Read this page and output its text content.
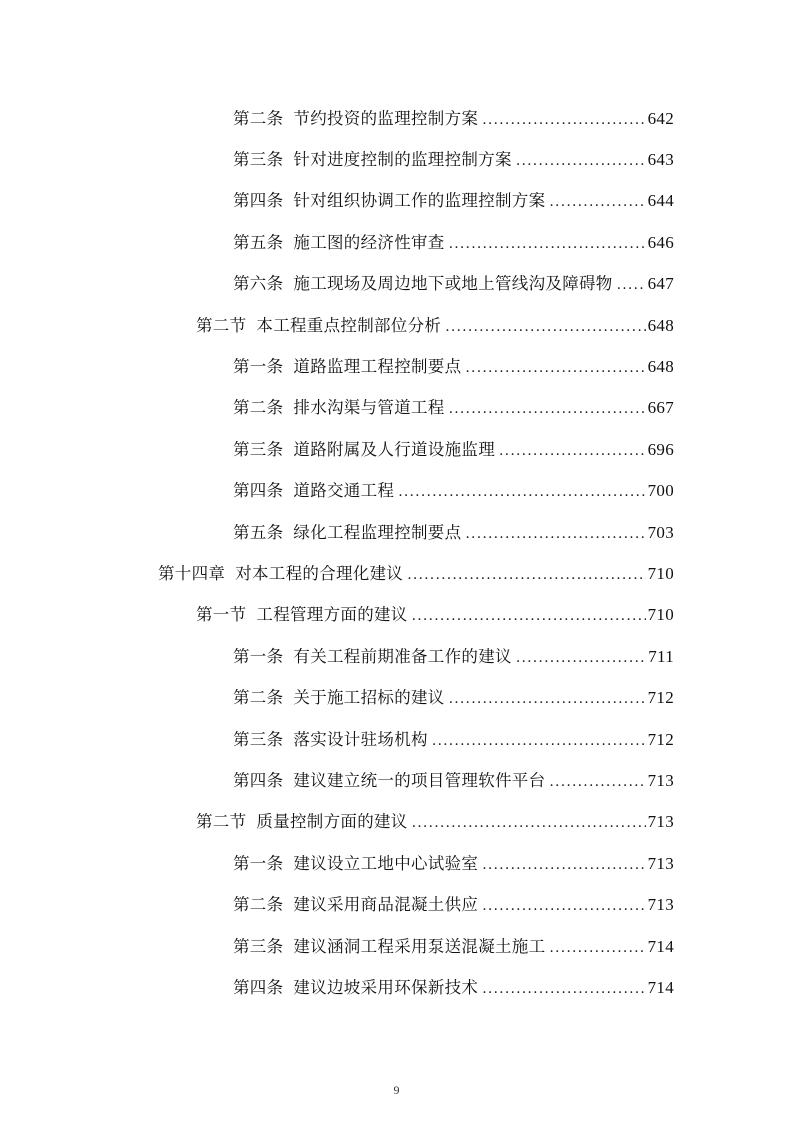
第二条 节约投资的监理控制方案 .....	642
第三条 针对进度控制的监理控制方案 .....	643
第四条 针对组织协调工作的监理控制方案 .....	644
第五条 施工图的经济性审查 .....	646
第六条 施工现场及周边地下或地上管线沟及障碍物 ..... 647
第二节 本工程重点控制部位分析 .....	648
第一条 道路监理工程控制要点 .....	648
第二条 排水沟渠与管道工程 .....	667
第三条 道路附属及人行道设施监理 .....	696
第四条 道路交通工程 .....	700
第五条 绿化工程监理控制要点 .....	703
第十四章 对本工程的合理化建议 .....	710
第一节 工程管理方面的建议 .....	710
第一条 有关工程前期准备工作的建议 .....	711
第二条 关于施工招标的建议 .....	712
第三条 落实设计驻场机构 .....	712
第四条 建议建立统一的项目管理软件平台 .....	713
第二节 质量控制方面的建议 .....	713
第一条 建议设立工地中心试验室 .....	713
第二条 建议采用商品混凝土供应 .....	713
第三条 建议涵洞工程采用泵送混凝土施工 .....	714
第四条 建议边坡采用环保新技术 .....	714
9
